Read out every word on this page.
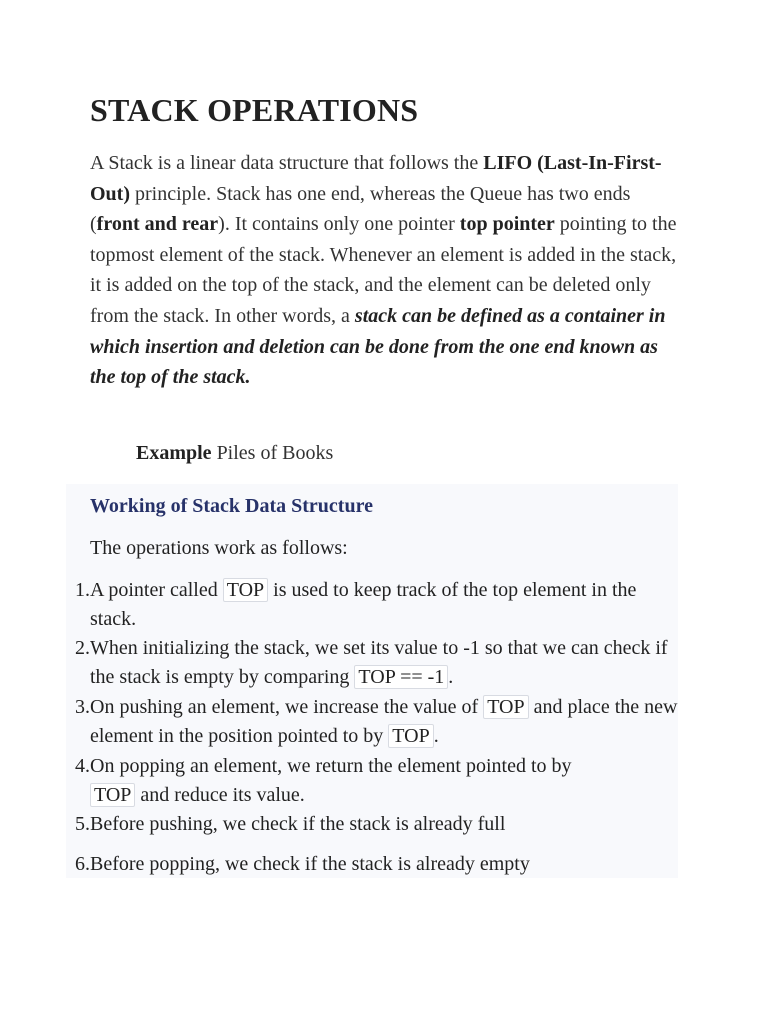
STACK OPERATIONS

A Stack is a linear data structure that follows the LIFO (Last-In-First-Out) principle. Stack has one end, whereas the Queue has two ends (front and rear). It contains only one pointer top pointer pointing to the topmost element of the stack. Whenever an element is added in the stack, it is added on the top of the stack, and the element can be deleted only from the stack. In other words, a stack can be defined as a container in which insertion and deletion can be done from the one end known as the top of the stack.

Example Piles of Books

Working of Stack Data Structure

The operations work as follows:

1. A pointer called TOP is used to keep track of the top element in the stack.
2. When initializing the stack, we set its value to -1 so that we can check if the stack is empty by comparing TOP == -1 .
3. On pushing an element, we increase the value of TOP and place the new element in the position pointed to by TOP .
4. On popping an element, we return the element pointed to by TOP and reduce its value.
5. Before pushing, we check if the stack is already full
6. Before popping, we check if the stack is already empty
